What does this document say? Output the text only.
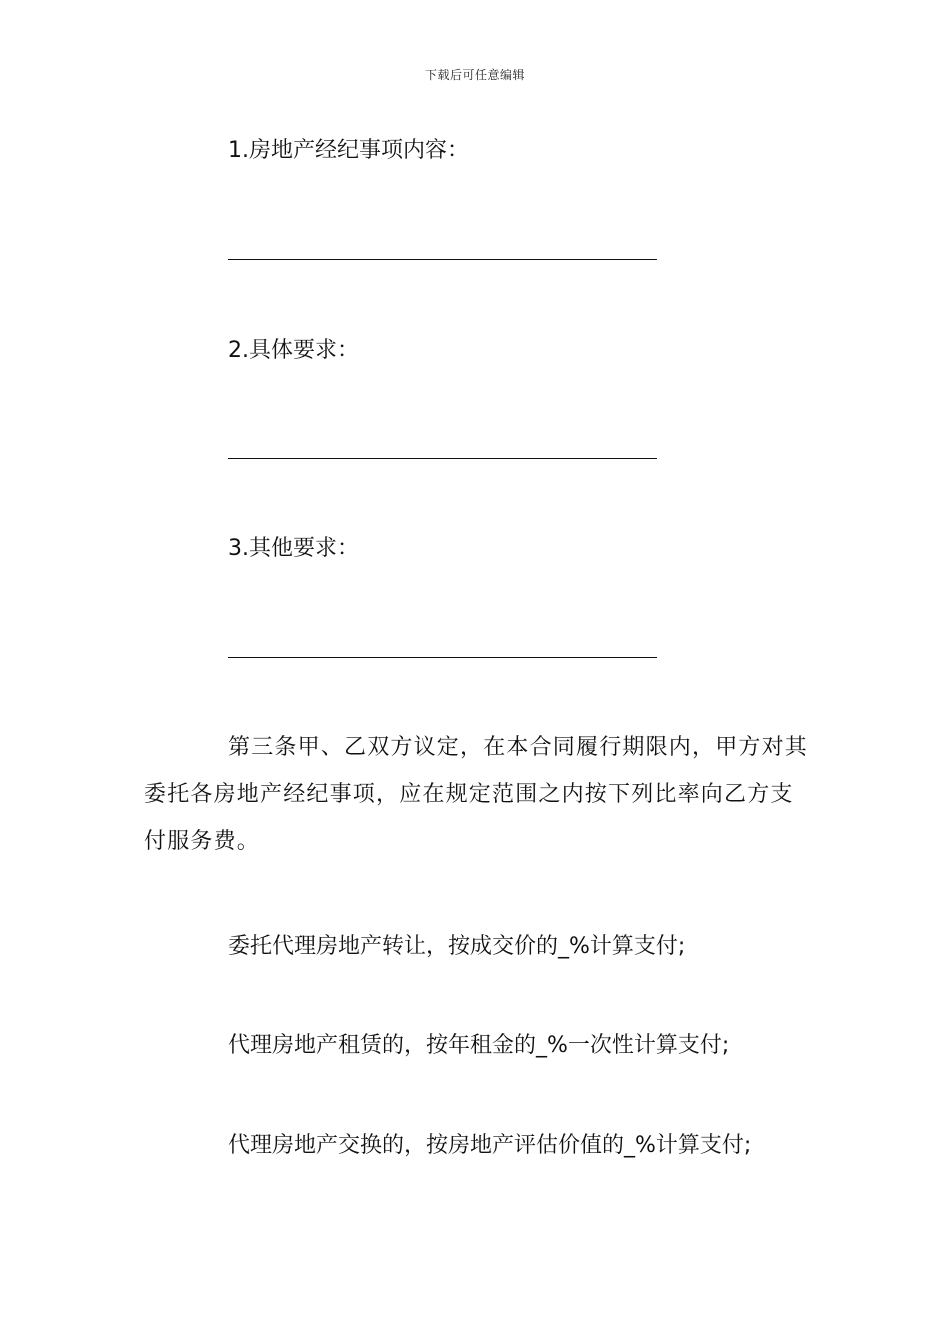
下载后可任意编辑
1.房地产经纪事项内容：
2.具体要求：
3.其他要求：
第三条甲、乙双方议定，在本合同履行期限内，甲方对其委托各房地产经纪事项，应在规定范围之内按下列比率向乙方支付服务费。
委托代理房地产转让，按成交价的_%计算支付;
代理房地产租赁的，按年租金的_%一次性计算支付;
代理房地产交换的，按房地产评估价值的_%计算支付;
